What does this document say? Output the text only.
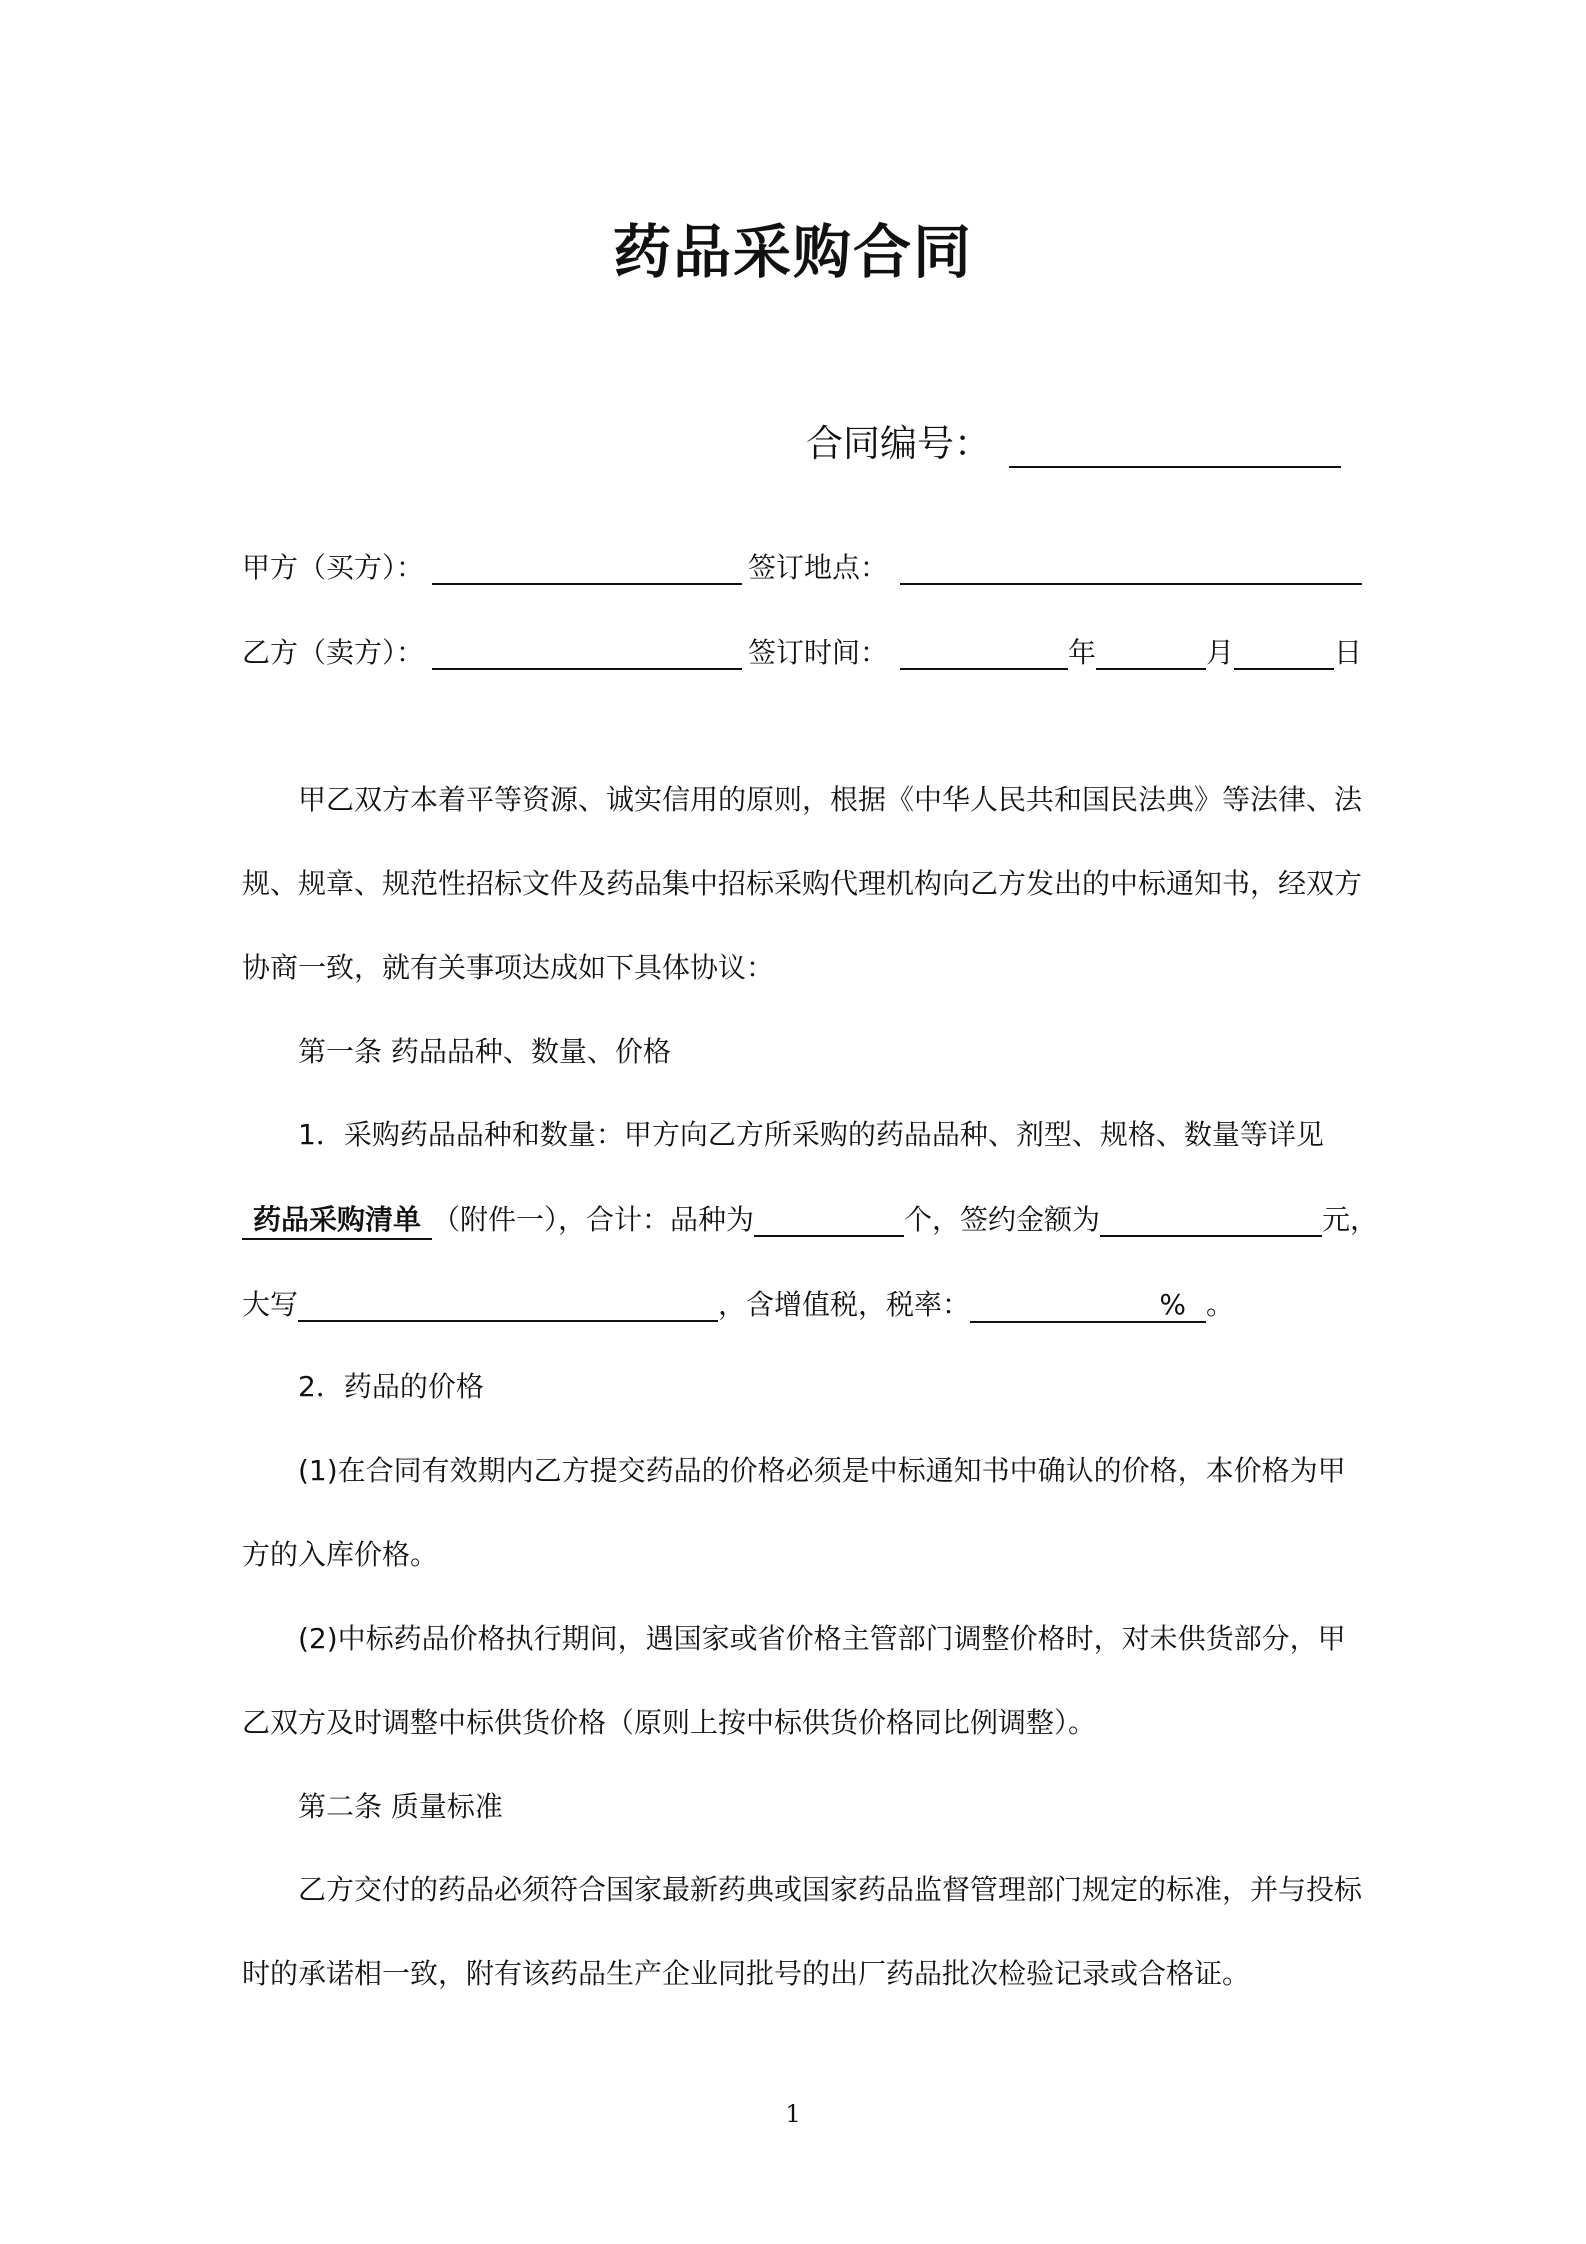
药品采购合同
合同编号：
甲方（买方）：	签订地点：
乙方（卖方）：	签订时间：	年	月	日
甲乙双方本着平等资源、诚实信用的原则，根据《中华人民共和国民法典》等法律、法
规、规章、规范性招标文件及药品集中招标采购代理机构向乙方发出的中标通知书，经双方
协商一致，就有关事项达成如下具体协议：
第一条 药品品种、数量、价格
1．采购药品品种和数量：甲方向乙方所采购的药品品种、剂型、规格、数量等详见
药品采购清单 （附件一），合计：品种为	个，签约金额为	元，
大写	，含增值税，税率：	% 。
2．药品的价格
(1)在合同有效期内乙方提交药品的价格必须是中标通知书中确认的价格，本价格为甲
方的入库价格。
(2)中标药品价格执行期间，遇国家或省价格主管部门调整价格时，对未供货部分，甲
乙双方及时调整中标供货价格（原则上按中标供货价格同比例调整）。
第二条 质量标准
乙方交付的药品必须符合国家最新药典或国家药品监督管理部门规定的标准，并与投标
时的承诺相一致，附有该药品生产企业同批号的出厂药品批次检验记录或合格证。
1
